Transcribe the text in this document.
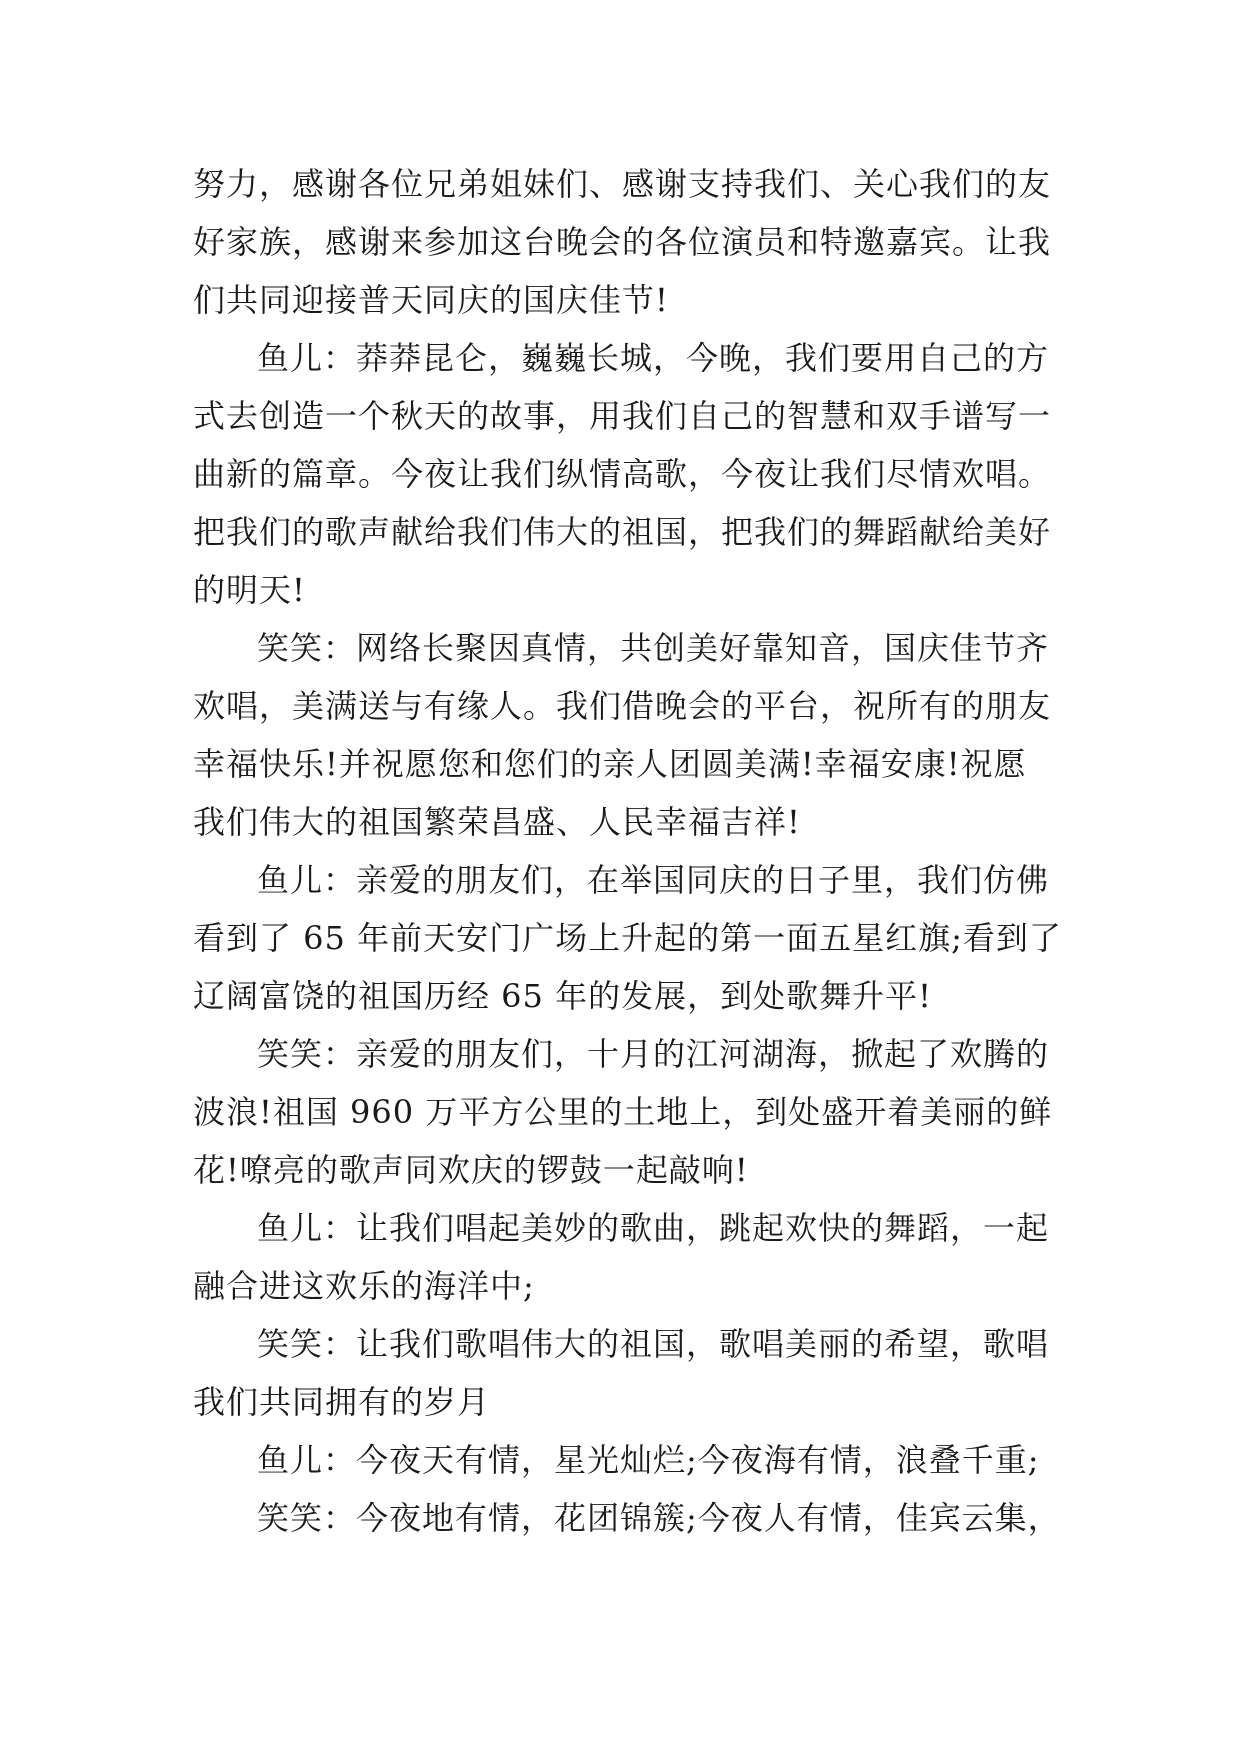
努力，感谢各位兄弟姐妹们、感谢支持我们、关心我们的友
好家族，感谢来参加这台晚会的各位演员和特邀嘉宾。让我
们共同迎接普天同庆的国庆佳节!
鱼儿：莽莽昆仑，巍巍长城，今晚，我们要用自己的方
式去创造一个秋天的故事，用我们自己的智慧和双手谱写一
曲新的篇章。今夜让我们纵情高歌，今夜让我们尽情欢唱。
把我们的歌声献给我们伟大的祖国，把我们的舞蹈献给美好
的明天!
笑笑：网络长聚因真情，共创美好靠知音，国庆佳节齐
欢唱，美满送与有缘人。我们借晚会的平台，祝所有的朋友
幸福快乐!并祝愿您和您们的亲人团圆美满!幸福安康!祝愿
我们伟大的祖国繁荣昌盛、人民幸福吉祥!
鱼儿：亲爱的朋友们，在举国同庆的日子里，我们仿佛
看到了 65 年前天安门广场上升起的第一面五星红旗;看到了
辽阔富饶的祖国历经 65 年的发展，到处歌舞升平!
笑笑：亲爱的朋友们，十月的江河湖海，掀起了欢腾的
波浪!祖国 960 万平方公里的土地上，到处盛开着美丽的鲜
花!嘹亮的歌声同欢庆的锣鼓一起敲响!
鱼儿：让我们唱起美妙的歌曲，跳起欢快的舞蹈，一起
融合进这欢乐的海洋中;
笑笑：让我们歌唱伟大的祖国，歌唱美丽的希望，歌唱
我们共同拥有的岁月
鱼儿：今夜天有情，星光灿烂;今夜海有情，浪叠千重;
笑笑：今夜地有情，花团锦簇;今夜人有情，佳宾云集，
